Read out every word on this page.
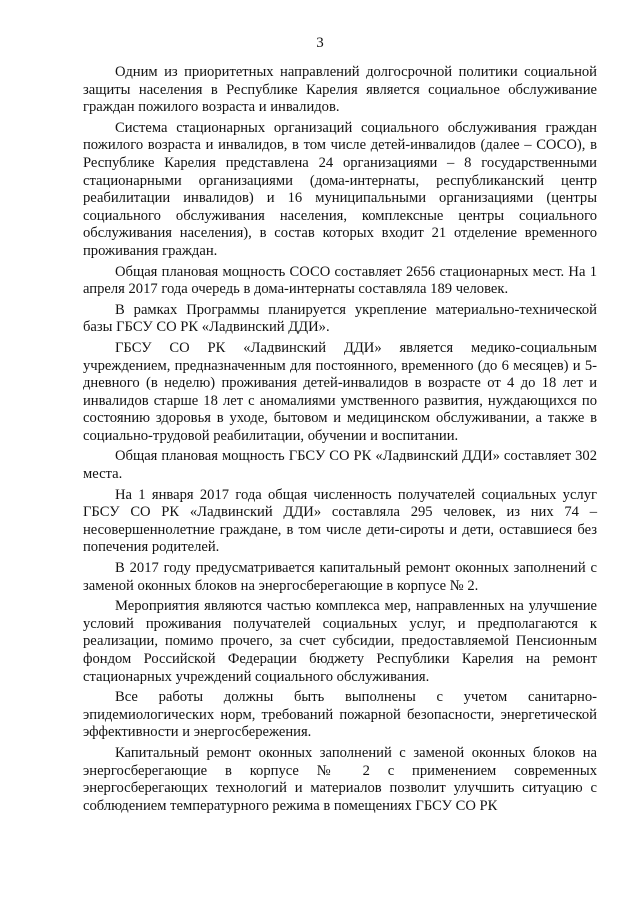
3

Одним из приоритетных направлений долгосрочной политики социальной защиты населения в Республике Карелия является социальное обслуживание граждан пожилого возраста и инвалидов.

Система стационарных организаций социального обслуживания граждан пожилого возраста и инвалидов, в том числе детей-инвалидов (далее – СОСО), в Республике Карелия представлена 24 организациями – 8 государственными стационарными организациями (дома-интернаты, республиканский центр реабилитации инвалидов) и 16 муниципальными организациями (центры социального обслуживания населения, комплексные центры социального обслуживания населения), в состав которых входит 21 отделение временного проживания граждан.

Общая плановая мощность СОСО составляет 2656 стационарных мест. На 1 апреля 2017 года очередь в дома-интернаты составляла 189 человек.

В рамках Программы планируется укрепление материально-технической базы ГБСУ СО РК «Ладвинский ДДИ».

ГБСУ СО РК «Ладвинский ДДИ» является медико-социальным учреждением, предназначенным для постоянного, временного (до 6 месяцев) и 5-дневного (в неделю) проживания детей-инвалидов в возрасте от 4 до 18 лет и инвалидов старше 18 лет с аномалиями умственного развития, нуждающихся по состоянию здоровья в уходе, бытовом и медицинском обслуживании, а также в социально-трудовой реабилитации, обучении и воспитании.

Общая плановая мощность ГБСУ СО РК «Ладвинский ДДИ» составляет 302 места.

На 1 января 2017 года общая численность получателей социальных услуг ГБСУ СО РК «Ладвинский ДДИ» составляла 295 человек, из них 74 – несовершеннолетние граждане, в том числе дети-сироты и дети, оставшиеся без попечения родителей.

В 2017 году предусматривается капитальный ремонт оконных заполнений с заменой оконных блоков на энергосберегающие в корпусе № 2.

Мероприятия являются частью комплекса мер, направленных на улучшение условий проживания получателей социальных услуг, и предполагаются к реализации, помимо прочего, за счет субсидии, предоставляемой Пенсионным фондом Российской Федерации бюджету Республики Карелия на ремонт стационарных учреждений социального обслуживания.

Все работы должны быть выполнены с учетом санитарно-эпидемиологических норм, требований пожарной безопасности, энергетической эффективности и энергосбережения.

Капитальный ремонт оконных заполнений с заменой оконных блоков на энергосберегающие в корпусе № 2 с применением современных энергосберегающих технологий и материалов позволит улучшить ситуацию с соблюдением температурного режима в помещениях ГБСУ СО РК
